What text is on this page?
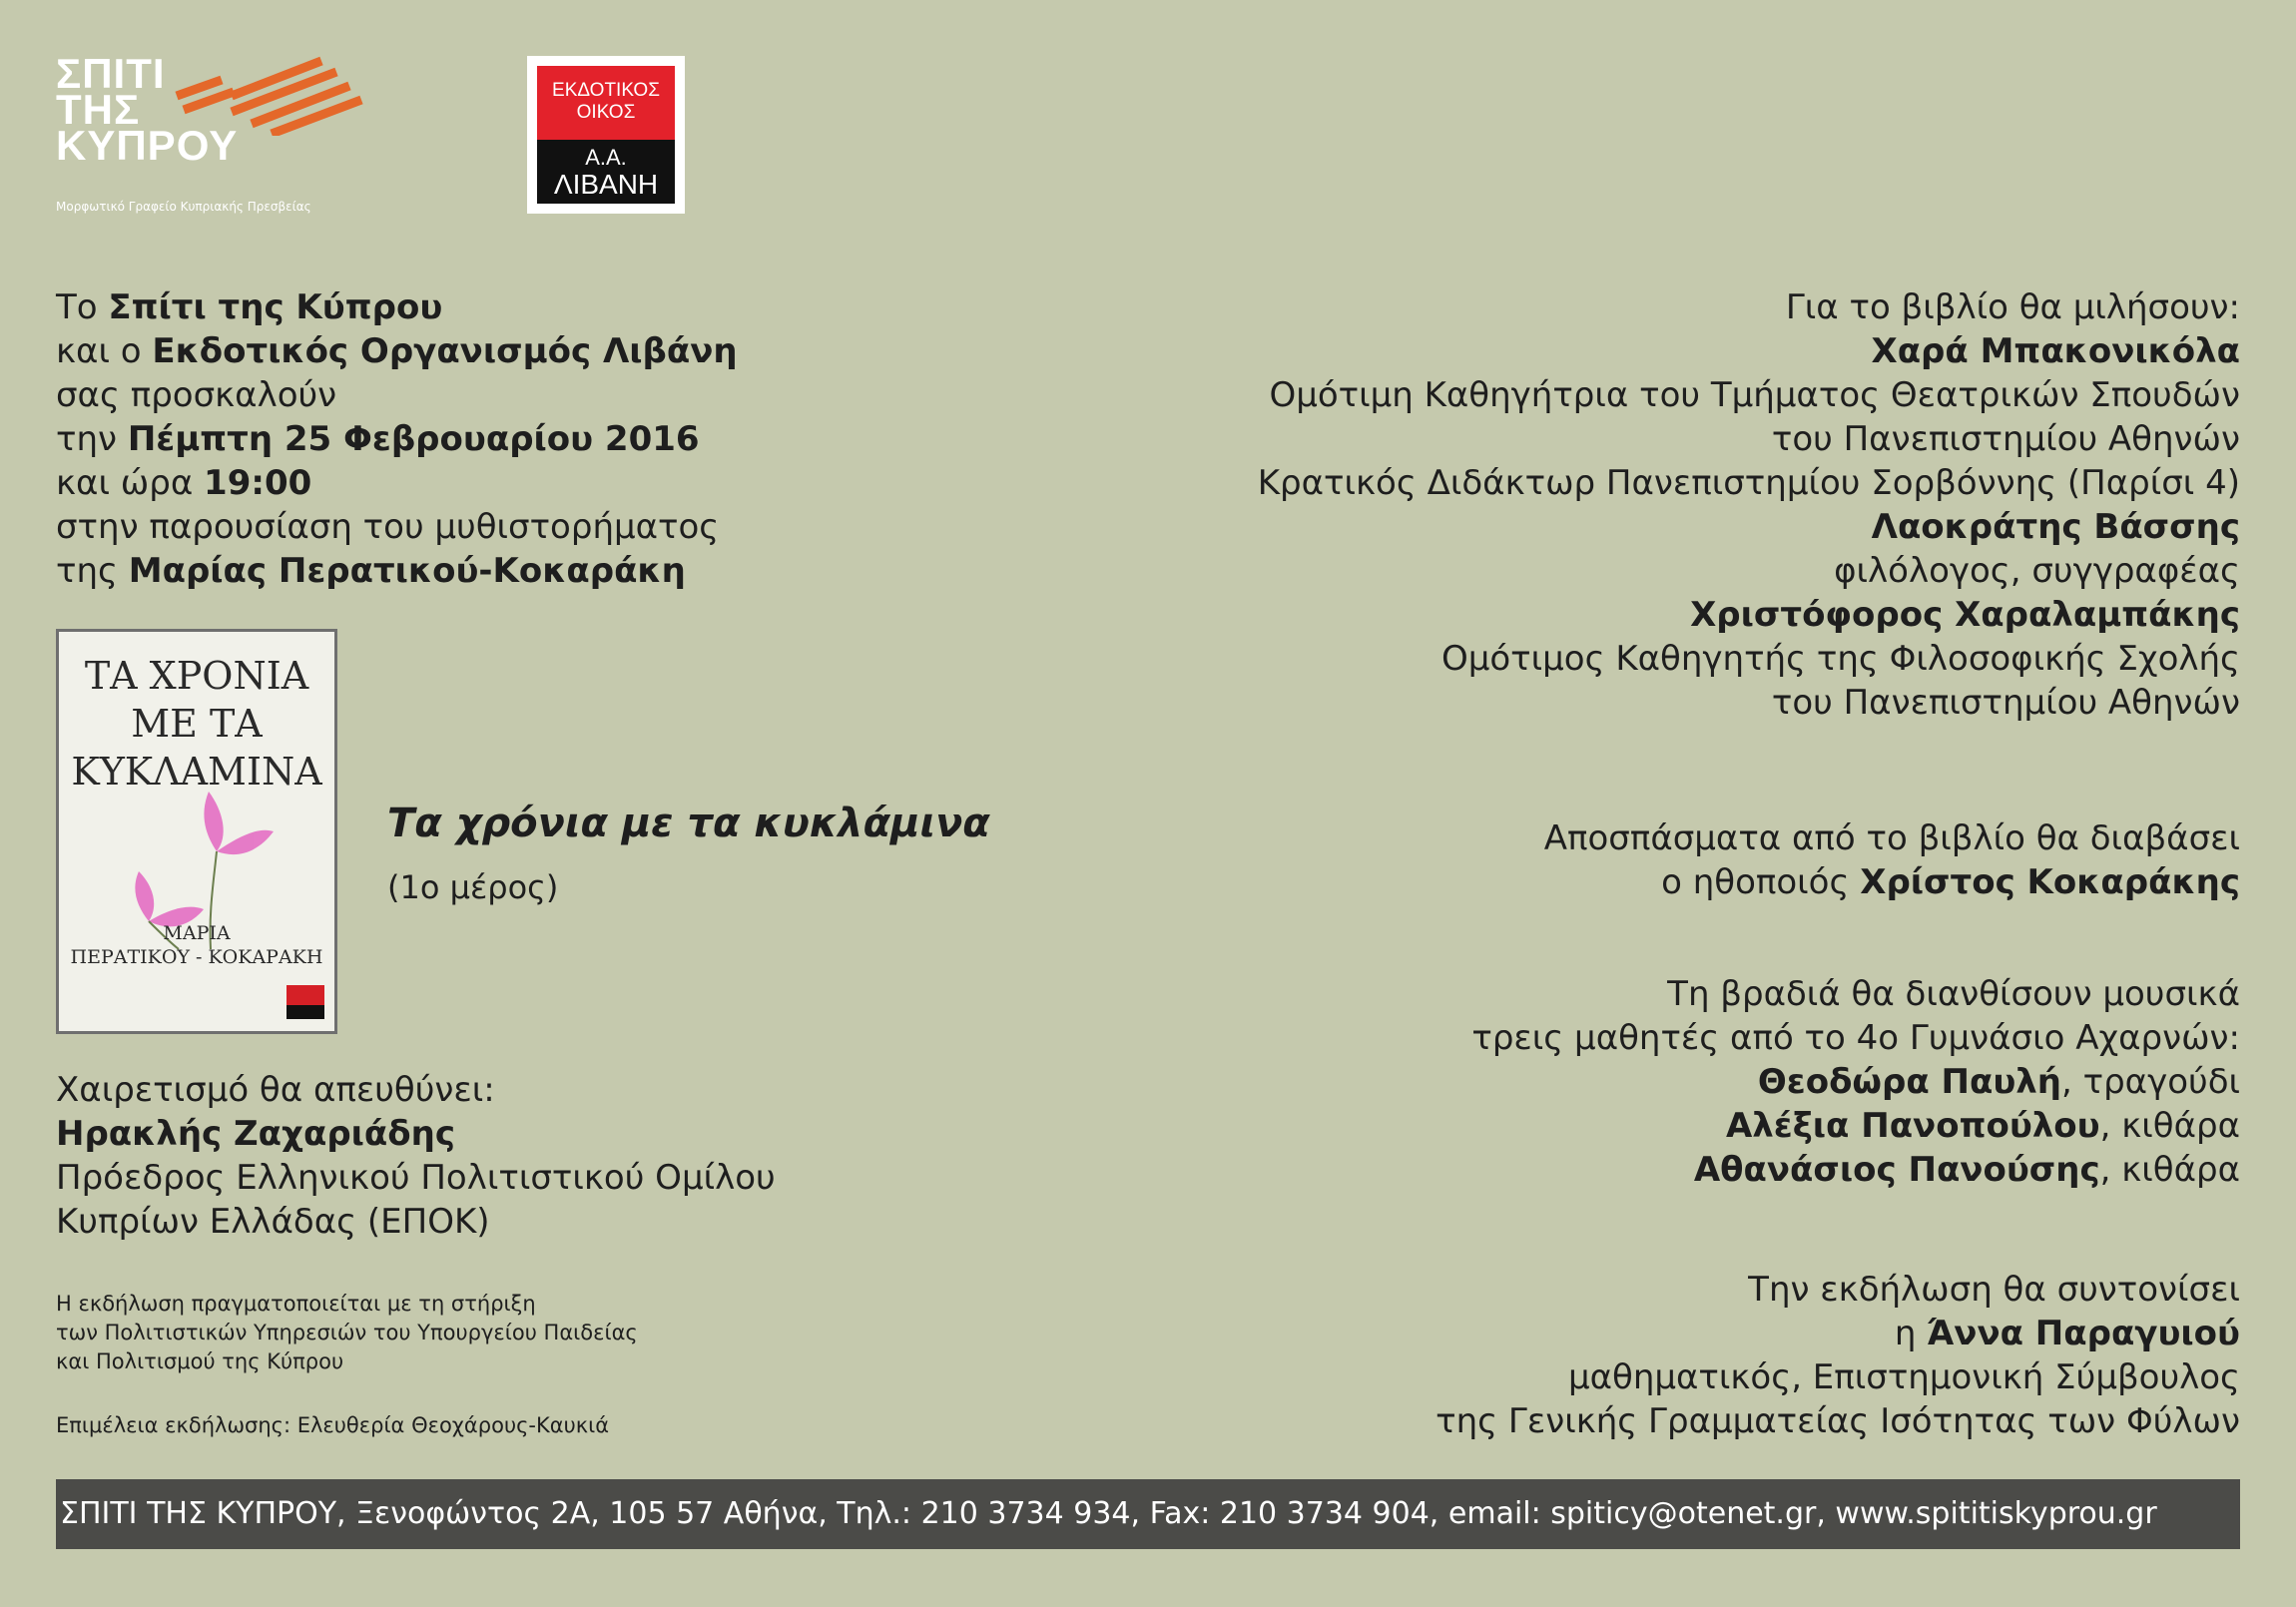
ΣΠΙΤΙ
ΤΗΣ
ΚΥΠΡΟΥ
Μορφωτικό Γραφείο Κυπριακής Πρεσβείας
ΕΚΔΟΤΙΚΟΣ ΟΙΚΟΣ
Α.Α.
ΛΙΒΑΝΗ
Το Σπίτι της Κύπρου
και ο Εκδοτικός Οργανισμός Λιβάνη
σας προσκαλούν
την Πέμπτη 25 Φεβρουαρίου 2016
και ώρα 19:00
στην παρουσίαση του μυθιστορήματος
της Μαρίας Περατικού-Κοκαράκη
ΤΑ ΧΡΟΝΙΑ
ΜΕ ΤΑ
ΚΥΚΛΑΜΙΝΑ
ΜΑΡΙΑ
ΠΕΡΑΤΙΚΟΥ - ΚΟΚΑΡΑΚΗ
Τα χρόνια με τα κυκλάμινα
(1ο μέρος)
Χαιρετισμό θα απευθύνει:
Ηρακλής Ζαχαριάδης
Πρόεδρος Ελληνικού Πολιτιστικού Ομίλου
Κυπρίων Ελλάδας (ΕΠΟΚ)
Η εκδήλωση πραγματοποιείται με τη στήριξη
των Πολιτιστικών Υπηρεσιών του Υπουργείου Παιδείας
και Πολιτισμού της Κύπρου
Επιμέλεια εκδήλωσης: Ελευθερία Θεοχάρους-Καυκιά
Για το βιβλίο θα μιλήσουν:
Χαρά Μπακονικόλα
Ομότιμη Καθηγήτρια του Τμήματος Θεατρικών Σπουδών
του Πανεπιστημίου Αθηνών
Κρατικός Διδάκτωρ Πανεπιστημίου Σορβόννης (Παρίσι 4)
Λαοκράτης Βάσσης
φιλόλογος, συγγραφέας
Χριστόφορος Χαραλαμπάκης
Ομότιμος Καθηγητής της Φιλοσοφικής Σχολής
του Πανεπιστημίου Αθηνών
Αποσπάσματα από το βιβλίο θα διαβάσει
ο ηθοποιός Χρίστος Κοκαράκης
Τη βραδιά θα διανθίσουν μουσικά
τρεις μαθητές από το 4ο Γυμνάσιο Αχαρνών:
Θεοδώρα Παυλή, τραγούδι
Αλέξια Πανοπούλου, κιθάρα
Αθανάσιος Πανούσης, κιθάρα
Την εκδήλωση θα συντονίσει
η Άννα Παραγυιού
μαθηματικός, Επιστημονική Σύμβουλος
της Γενικής Γραμματείας Ισότητας των Φύλων
ΣΠΙΤΙ ΤΗΣ ΚΥΠΡΟΥ, Ξενοφώντος 2Α, 105 57 Αθήνα, Τηλ.: 210 3734 934, Fax: 210 3734 904, email: spiticy@otenet.gr, www.spititiskyprou.gr
